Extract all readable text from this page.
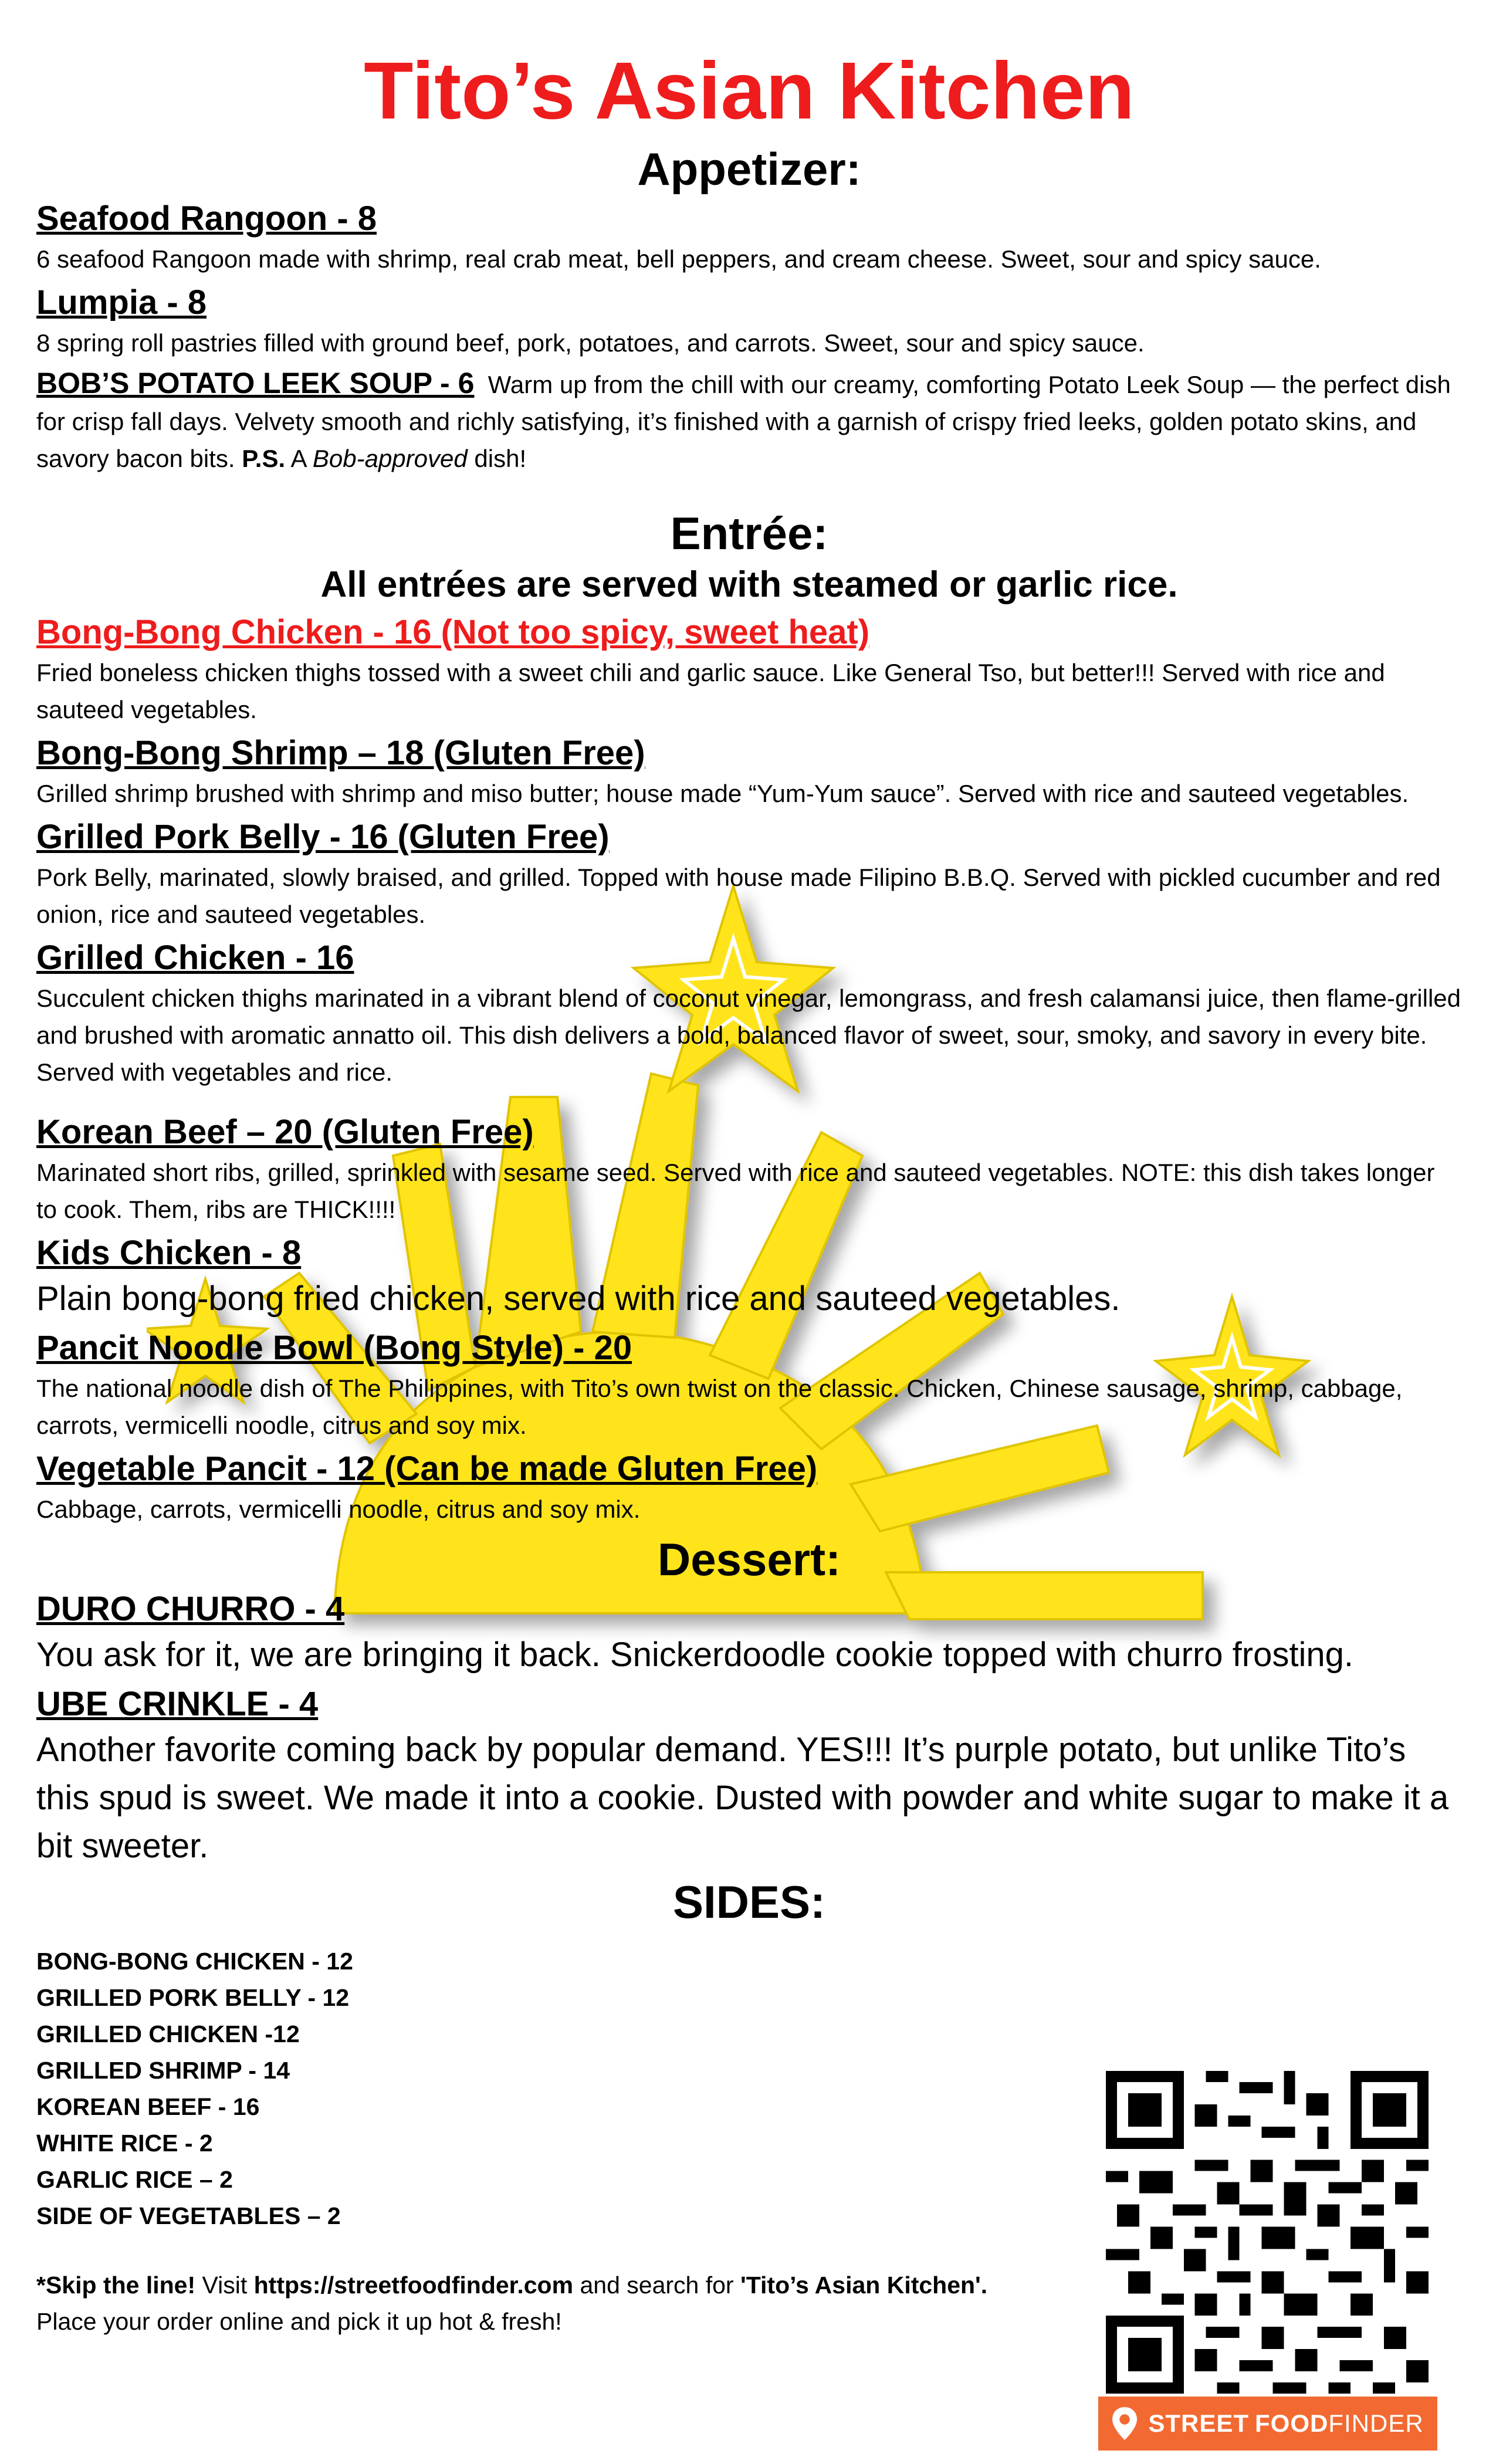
Tito’s Asian Kitchen
Appetizer:

Seafood Rangoon - 8

6 seafood Rangoon made with shrimp, real crab meat, bell peppers, and cream cheese. Sweet, sour and spicy sauce.

Lumpia - 8

8 spring roll pastries filled with ground beef, pork, potatoes, and carrots. Sweet, sour and spicy sauce.

BOB’S POTATO LEEK SOUP - 6 Warm up from the chill with our creamy, comforting Potato Leek Soup — the perfect dish for crisp fall days. Velvety smooth and richly satisfying, it’s finished with a garnish of crispy fried leeks, golden potato skins, and savory bacon bits. P.S. A Bob-approved dish!

Entrée:

All entrées are served with steamed or garlic rice.

Bong-Bong Chicken - 16 (Not too spicy, sweet heat)

Fried boneless chicken thighs tossed with a sweet chili and garlic sauce. Like General Tso, but better!!! Served with rice and sauteed vegetables.

Bong-Bong Shrimp – 18 (Gluten Free)

Grilled shrimp brushed with shrimp and miso butter; house made “Yum-Yum sauce”. Served with rice and sauteed vegetables.

Grilled Pork Belly - 16 (Gluten Free)

Pork Belly, marinated, slowly braised, and grilled. Topped with house made Filipino B.B.Q. Served with pickled cucumber and red onion, rice and sauteed vegetables.

Grilled Chicken - 16

Succulent chicken thighs marinated in a vibrant blend of coconut vinegar, lemongrass, and fresh calamansi juice, then flame-grilled and brushed with aromatic annatto oil. This dish delivers a bold, balanced flavor of sweet, sour, smoky, and savory in every bite. Served with vegetables and rice.

Korean Beef – 20 (Gluten Free)

Marinated short ribs, grilled, sprinkled with sesame seed. Served with rice and sauteed vegetables. NOTE: this dish takes longer to cook. Them, ribs are THICK!!!!

Kids Chicken - 8

Plain bong-bong fried chicken, served with rice and sauteed vegetables.

Pancit Noodle Bowl (Bong Style) - 20

The national noodle dish of The Philippines, with Tito’s own twist on the classic. Chicken, Chinese sausage, shrimp, cabbage, carrots, vermicelli noodle, citrus and soy mix.

Vegetable Pancit - 12 (Can be made Gluten Free)

Cabbage, carrots, vermicelli noodle, citrus and soy mix.

Dessert:

DURO CHURRO - 4

You ask for it, we are bringing it back. Snickerdoodle cookie topped with churro frosting.

UBE CRINKLE - 4

Another favorite coming back by popular demand. YES!!! It’s purple potato, but unlike Tito’s this spud is sweet. We made it into a cookie. Dusted with powder and white sugar to make it a bit sweeter.

SIDES:
BONG-BONG CHICKEN - 12
GRILLED PORK BELLY - 12
GRILLED CHICKEN -12
GRILLED SHRIMP - 14
KOREAN BEEF - 16
WHITE RICE - 2
GARLIC RICE – 2
SIDE OF VEGETABLES – 2
*Skip the line! Visit https://streetfoodfinder.com and search for 'Tito’s Asian Kitchen'.
Place your order online and pick it up hot & fresh!
STREET FOOD FINDER
